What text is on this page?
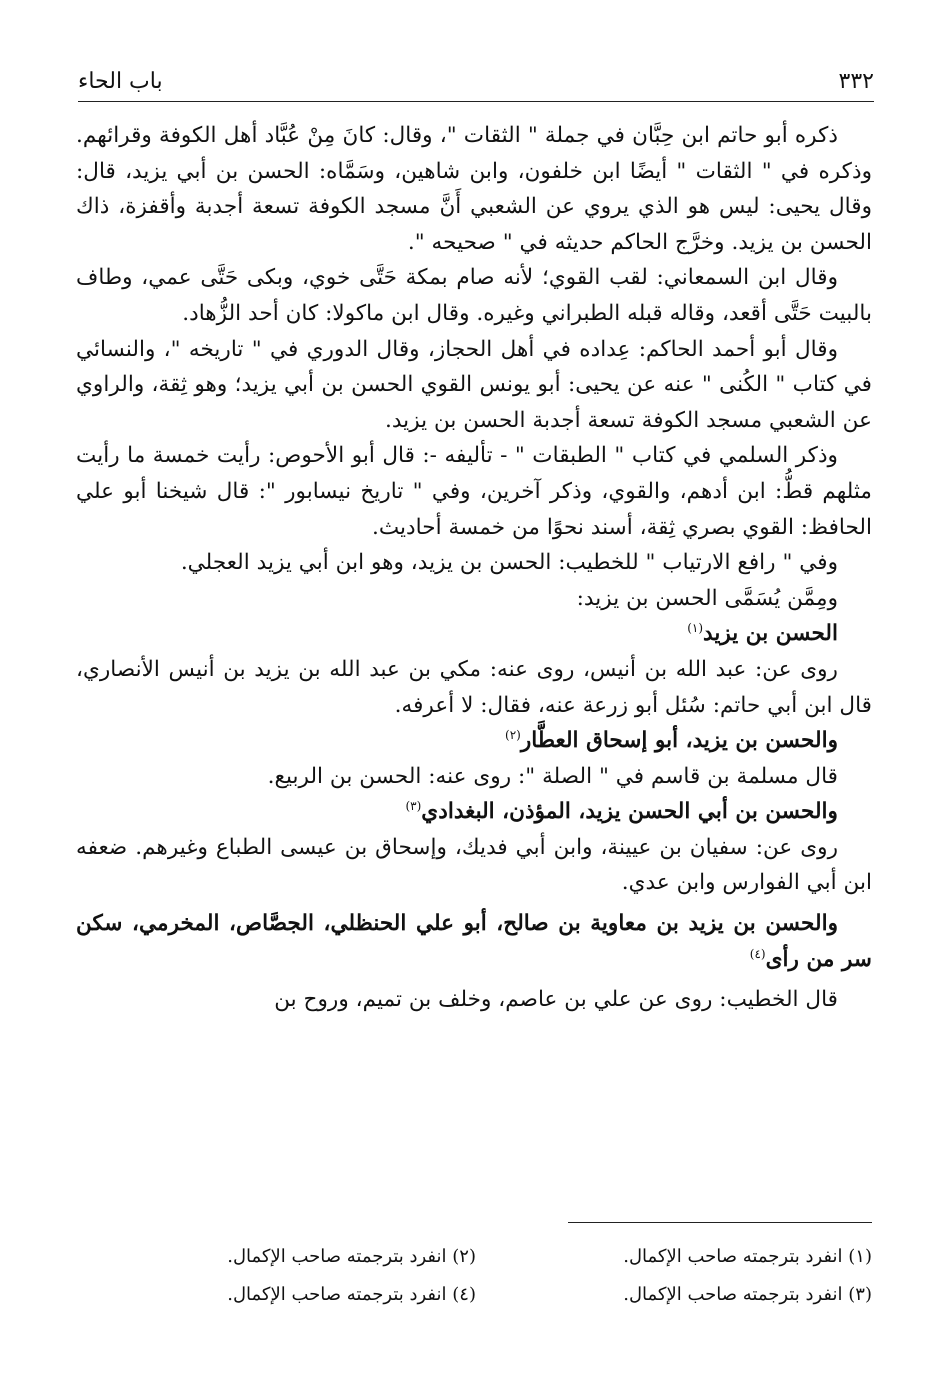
٣٣٢
باب الحاء

ذكره أبو حاتم ابن حِبَّان في جملة " الثقات "، وقال: كانَ مِنْ عُبَّاد أهل الكوفة وقرائهم. وذكره في " الثقات " أيضًا ابن خلفون، وابن شاهين، وسَمَّاه: الحسن بن أبي يزيد، قال: وقال يحيى: ليس هو الذي يروي عن الشعبي أَنَّ مسجد الكوفة تسعة أجدبة وأقفزة، ذاك الحسن بن يزيد. وخرَّج الحاكم حديثه في " صحيحه ".

وقال ابن السمعاني: لقب القوي؛ لأنه صام بمكة حَتَّى خوي، وبكى حَتَّى عمي، وطاف بالبيت حَتَّى أقعد، وقاله قبله الطبراني وغيره. وقال ابن ماكولا: كان أحد الزُّهاد.

وقال أبو أحمد الحاكم: عِداده في أهل الحجاز، وقال الدوري في " تاريخه "، والنسائي في كتاب " الكُنى " عنه عن يحيى: أبو يونس القوي الحسن بن أبي يزيد؛ وهو ثِقة، والراوي عن الشعبي مسجد الكوفة تسعة أجدبة الحسن بن يزيد.

وذكر السلمي في كتاب " الطبقات " - تأليفه -: قال أبو الأحوص: رأيت خمسة ما رأيت مثلهم قطُّ: ابن أدهم، والقوي، وذكر آخرين، وفي " تاريخ نيسابور ": قال شيخنا أبو علي الحافظ: القوي بصري ثِقة، أسند نحوًا من خمسة أحاديث.

وفي " رافع الارتياب " للخطيب: الحسن بن يزيد، وهو ابن أبي يزيد العجلي.

ومِمَّن يُسَمَّى الحسن بن يزيد:

الحسن بن يزيد$^{(١)}$

روى عن: عبد الله بن أنيس، روى عنه: مكي بن عبد الله بن يزيد بن أنيس الأنصاري، قال ابن أبي حاتم: سُئل أبو زرعة عنه، فقال: لا أعرفه.

والحسن بن يزيد، أبو إسحاق العطَّار$^{(٢)}$

قال مسلمة بن قاسم في " الصلة ": روى عنه: الحسن بن الربيع.

والحسن بن أبي الحسن يزيد، المؤذن، البغدادي$^{(٣)}$

روى عن: سفيان بن عيينة، وابن أبي فديك، وإسحاق بن عيسى الطباع وغيرهم. ضعفه ابن أبي الفوارس وابن عدي.

والحسن بن يزيد بن معاوية بن صالح، أبو علي الحنظلي، الجصَّاص، المخرمي، سكن سر من رأى$^{(٤)}$

قال الخطيب: روى عن علي بن عاصم، وخلف بن تميم، وروح بن

(١) انفرد بترجمته صاحب الإكمال.
(٢) انفرد بترجمته صاحب الإكمال.
(٣) انفرد بترجمته صاحب الإكمال.
(٤) انفرد بترجمته صاحب الإكمال.
